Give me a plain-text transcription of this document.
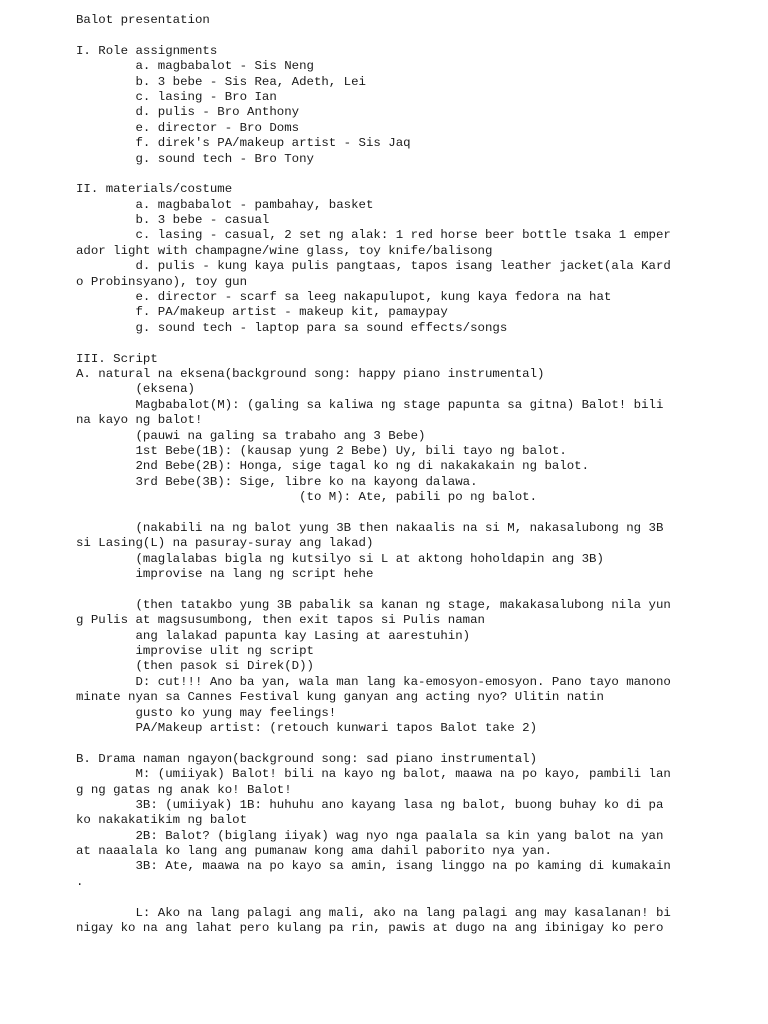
Balot presentation
I. Role assignments
a. magbabalot - Sis Neng
b. 3 bebe - Sis Rea, Adeth, Lei
c. lasing - Bro Ian
d. pulis - Bro Anthony
e. director - Bro Doms
f. direk's PA/makeup artist - Sis Jaq
g. sound tech - Bro Tony
II. materials/costume
a. magbabalot - pambahay, basket
b. 3 bebe - casual
c. lasing - casual, 2 set ng alak: 1 red horse beer bottle tsaka 1 emper
ador light with champagne/wine glass, toy knife/balisong
d. pulis - kung kaya pulis pangtaas, tapos isang leather jacket(ala Kard
o Probinsyano), toy gun
e. director - scarf sa leeg nakapulupot, kung kaya fedora na hat
f. PA/makeup artist - makeup kit, pamaypay
g. sound tech - laptop para sa sound effects/songs
III. Script
A. natural na eksena(background song: happy piano instrumental)
(eksena)
Magbabalot(M): (galing sa kaliwa ng stage papunta sa gitna) Balot! bili
na kayo ng balot!
(pauwi na galing sa trabaho ang 3 Bebe)
1st Bebe(1B): (kausap yung 2 Bebe) Uy, bili tayo ng balot.
2nd Bebe(2B): Honga, sige tagal ko ng di nakakakain ng balot.
3rd Bebe(3B): Sige, libre ko na kayong dalawa.
(to M): Ate, pabili po ng balot.
(nakabili na ng balot yung 3B then nakaalis na si M, nakasalubong ng 3B
si Lasing(L) na pasuray-suray ang lakad)
(maglalabas bigla ng kutsilyo si L at aktong hoholdapin ang 3B)
improvise na lang ng script hehe
(then tatakbo yung 3B pabalik sa kanan ng stage, makakasalubong nila yun
g Pulis at magsusumbong, then exit tapos si Pulis naman
ang lalakad papunta kay Lasing at aarestuhin)
improvise ulit ng script
(then pasok si Direk(D))
D: cut!!! Ano ba yan, wala man lang ka-emosyon-emosyon. Pano tayo manono
minate nyan sa Cannes Festival kung ganyan ang acting nyo? Ulitin natin
gusto ko yung may feelings!
PA/Makeup artist: (retouch kunwari tapos Balot take 2)
B. Drama naman ngayon(background song: sad piano instrumental)
M: (umiiyak) Balot! bili na kayo ng balot, maawa na po kayo, pambili lan
g ng gatas ng anak ko! Balot!
3B: (umiiyak) 1B: huhuhu ano kayang lasa ng balot, buong buhay ko di pa
ko nakakatikim ng balot
2B: Balot? (biglang iiyak) wag nyo nga paalala sa kin yang balot na yan
at naaalala ko lang ang pumanaw kong ama dahil paborito nya yan.
3B: Ate, maawa na po kayo sa amin, isang linggo na po kaming di kumakain
.
L: Ako na lang palagi ang mali, ako na lang palagi ang may kasalanan! bi
nigay ko na ang lahat pero kulang pa rin, pawis at dugo na ang ibinigay ko pero
